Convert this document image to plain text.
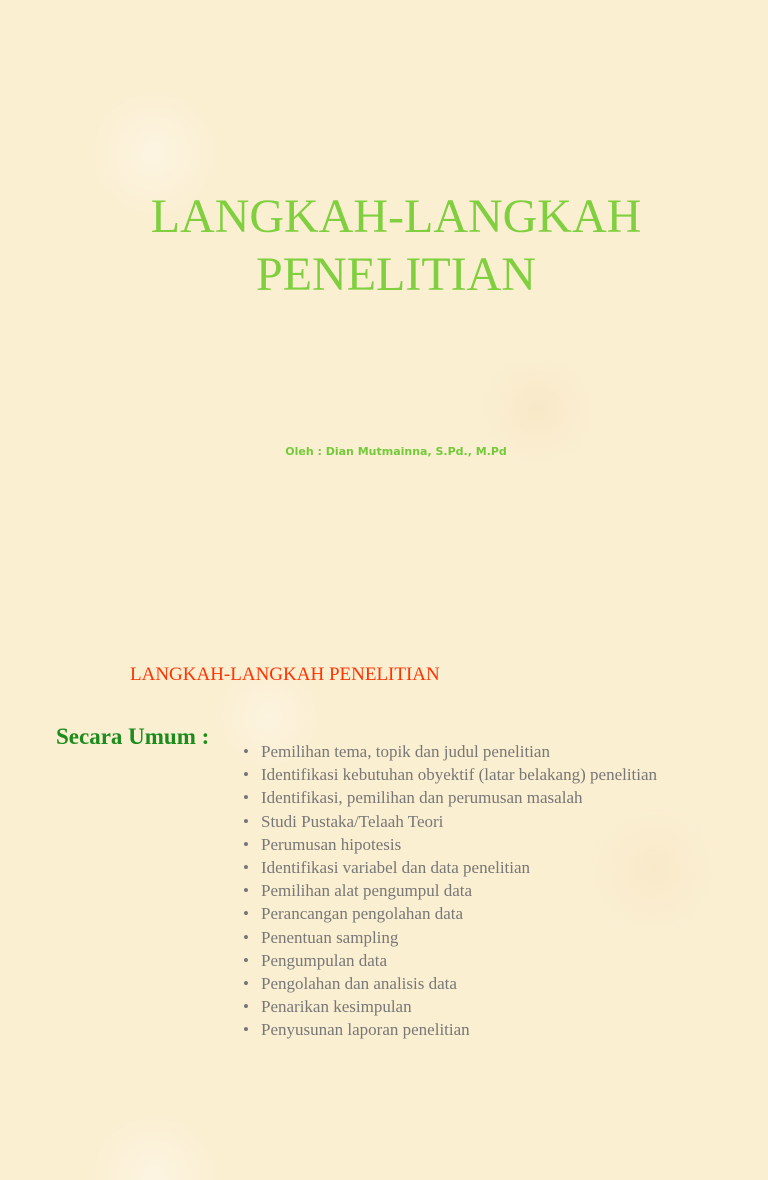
LANGKAH-LANGKAH
PENELITIAN
Oleh : Dian Mutmainna, S.Pd., M.Pd
LANGKAH-LANGKAH PENELITIAN
Secara Umum :
• Pemilihan tema, topik dan judul penelitian
• Identifikasi kebutuhan obyektif (latar belakang) penelitian
• Identifikasi, pemilihan dan perumusan masalah
• Studi Pustaka/Telaah Teori
• Perumusan hipotesis
• Identifikasi variabel dan data penelitian
• Pemilihan alat pengumpul data
• Perancangan pengolahan data
• Penentuan sampling
• Pengumpulan data
• Pengolahan dan analisis data
• Penarikan kesimpulan
• Penyusunan laporan penelitian
